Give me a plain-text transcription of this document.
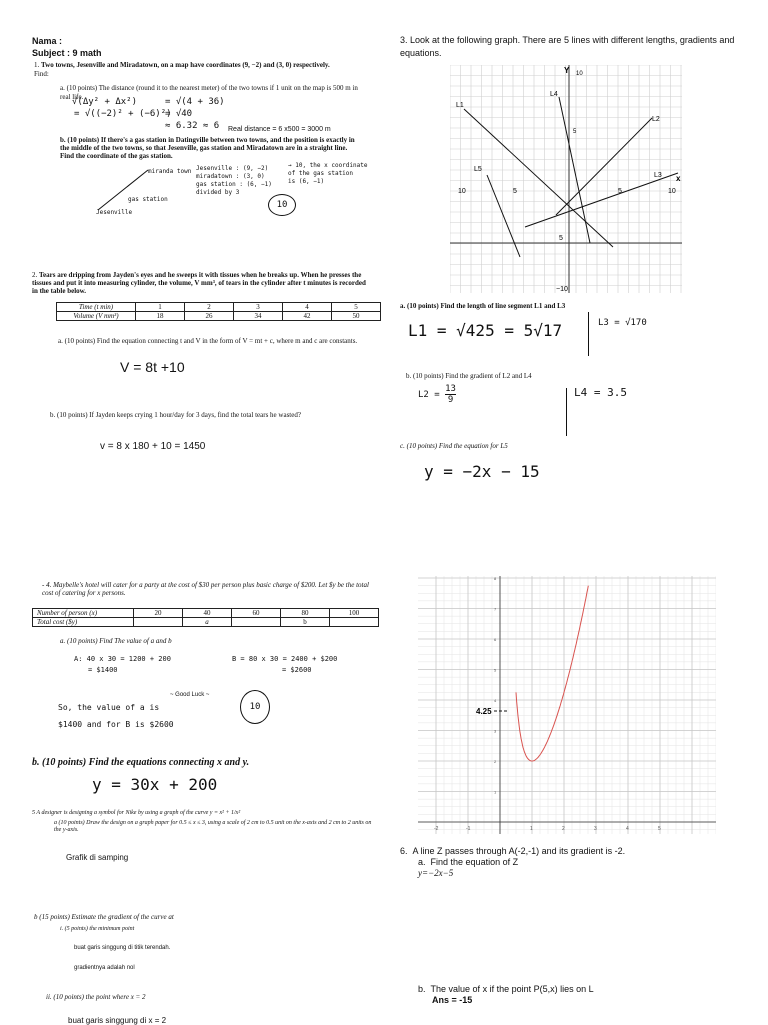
Nama :
Subject : 9 math
1. Two towns, Jesenville and Miradatown, on a map have coordinates (9, −2) and (3, 0) respectively.
Find:
a. (10 points) The distance (round it to the nearest meter) of the two towns if 1 unit on the map is 500 m in real life.
√(Δy² + Δx²)
= √((−2)² + (−6)²)
= √(4 + 36)
= √40
≈ 6.32 ≈ 6	Real distance = 6 x500 = 3000 m
b. (10 points) If there's a gas station in Datingville between two towns, and the position is exactly in the middle of the two towns, so that Jesenville, gas station and Miradatown are in a straight line. Find the coordinate of the gas station.
Jesenville : (9, −2)
miradatown : (3, 0)
gas station : (6, −1)
divided by 3
→ 10, the x coordinate
of the gas station
is (6, −1)
miranda town
gas station
Jesenville
10
2. Tears are dripping from Jayden's eyes and he sweeps it with tissues when he breaks up. When he presses the tissues and put it into measuring cylinder, the volume, V mm³, of tears in the cylinder after t minutes is recorded in the table below.
Time (t min)	1	2	3	4	5
Volume (V mm³)	18	26	34	42	50
a. (10 points) Find the equation connecting t and V in the form of V = mt + c, where m and c are constants.
V = 8t +10
b. (10 points) If Jayden keeps crying 1 hour/day for 3 days, find the total tears he wasted?
v = 8 x 180 + 10 = 1450
- 4. Maybelle's hotel will cater for a party at the cost of $30 per person plus basic charge of $200. Let $y be the total cost of catering for x persons.
Number of person (x)	20	40	60	80	100
Total cost ($y)		a		b	
a. (10 points) Find The value of a and b
A: 40 x 30 = 1200 + 200
= $1400
B = 80 x 30 = 2400 + $200
= $2600
~ Good Luck ~
So, the value of a is
$1400 and for B is $2600
10
b. (10 points) Find the equations connecting x and y.
y = 30x + 200
5 A designer is designing a symbol for Nike by using a graph of the curve y = x² + 1/x²
a (10 points) Draw the design on a graph paper for 0.5 ≤ x ≤ 3, using a scale of 2 cm to 0.5 unit on the x-axis and 2 cm to 2 units on the y-axis.
Grafik di samping
b (15 points) Estimate the gradient of the curve at
i. (5 points) the minimum point
buat garis singgung di titik terendah.
gradientnya adalah nol
ii. (10 points) the point where x = 2
buat garis singgung di x = 2
3. Look at the following graph. There are 5 lines with different lengths, gradients and equations.
10
Y
5
5
−10
10	5	5	10
x
L1
L2
L3
L4
L5
a. (10 points) Find the length of line segment L1 and L3
L1 = √425 = 5√17	L3 = √170
b. (10 points) Find the gradient of L2 and L4
$L2 = \frac{13}{9}$	L4 = 3.5
c. (10 points) Find the equation for L5
y = −2x − 15
8
7
6
5
4
3
2
1
-2	-1	1	2	3	4	5
4.25
6. A line Z passes through A(-2,-1) and its gradient is -2.
a. Find the equation of Z
y=−2x−5
b. The value of x if the point P(5,x) lies on L
Ans = -15
